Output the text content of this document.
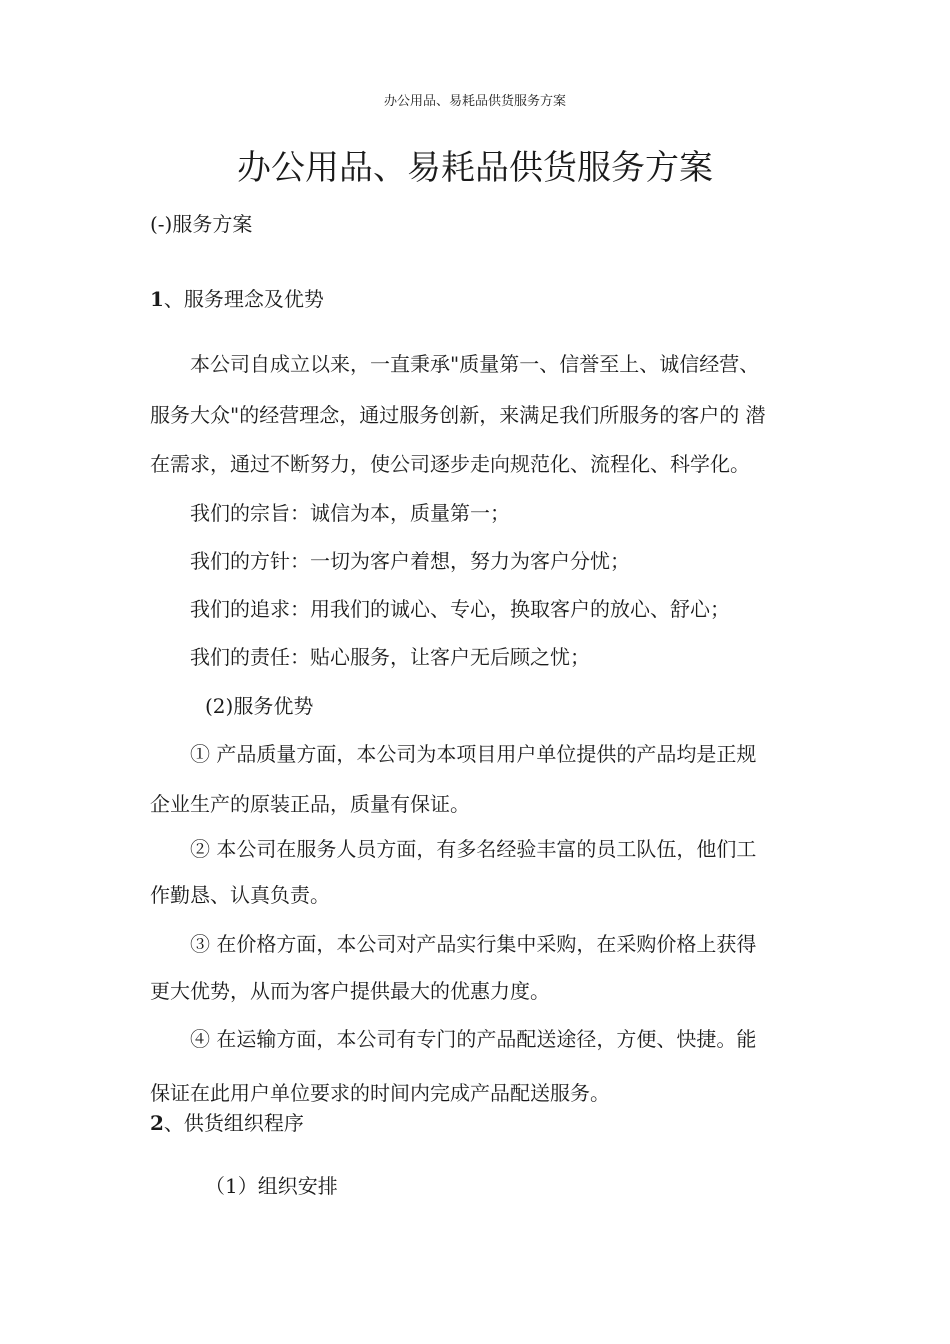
办公用品、易耗品供货服务方案

办公用品、易耗品供货服务方案

(-)服务方案

1、服务理念及优势

本公司自成立以来，一直秉承"质量第一、信誉至上、诚信经营、

服务大众"的经营理念，通过服务创新，来满足我们所服务的客户的 潜

在需求，通过不断努力，使公司逐步走向规范化、流程化、科学化。

我们的宗旨：诚信为本，质量第一；

我们的方针：一切为客户着想，努力为客户分忧；

我们的追求：用我们的诚心、专心，换取客户的放心、舒心；

我们的责任：贴心服务，让客户无后顾之忧；

(2)服务优势

① 产品质量方面，本公司为本项目用户单位提供的产品均是正规

企业生产的原装正品，质量有保证。

② 本公司在服务人员方面，有多名经验丰富的员工队伍，他们工

作勤恳、认真负责。

③ 在价格方面，本公司对产品实行集中采购，在采购价格上获得

更大优势，从而为客户提供最大的优惠力度。

④ 在运输方面，本公司有专门的产品配送途径，方便、快捷。能

保证在此用户单位要求的时间内完成产品配送服务。

2、供货组织程序

（1）组织安排
